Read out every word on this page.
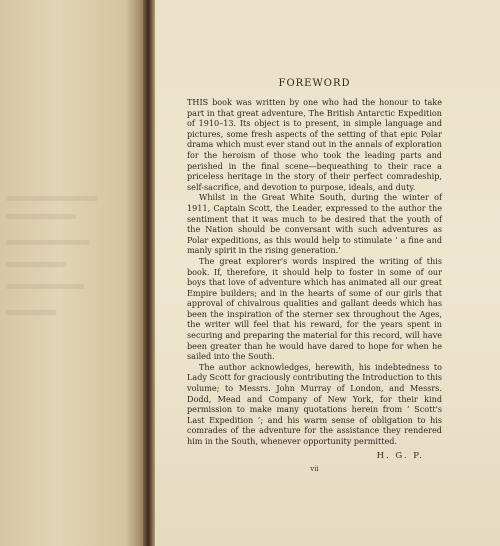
FOREWORD

THIS book was written by one who had the honour to take part in that great adventure, The British Antarctic Expedition of 1910–13. Its object is to present, in simple language and pictures, some fresh aspects of the setting of that epic Polar drama which must ever stand out in the annals of exploration for the heroism of those who took the leading parts and perished in the final scene—bequeathing to their race a priceless heritage in the story of their perfect comradeship, self-sacrifice, and devotion to purpose, ideals, and duty.

Whilst in the Great White South, during the winter of 1911, Captain Scott, the Leader, expressed to the author the sentiment that it was much to be desired that the youth of the Nation should be conversant with such adventures as Polar expeditions, as this would help to stimulate ‘ a fine and manly spirit in the rising generation.’

The great explorer's words inspired the writing of this book. If, therefore, it should help to foster in some of our boys that love of adventure which has animated all our great Empire builders; and in the hearts of some of our girls that approval of chivalrous qualities and gallant deeds which has been the inspiration of the sterner sex throughout the Ages, the writer will feel that his reward, for the years spent in securing and preparing the material for this record, will have been greater than he would have dared to hope for when he sailed into the South.

The author acknowledges, herewith, his indebtedness to Lady Scott for graciously contributing the Introduction to this volume; to Messrs. John Murray of London, and Messrs. Dodd, Mead and Company of New York, for their kind permission to make many quotations herein from ‘ Scott's Last Expedition ’; and his warm sense of obligation to his comrades of the adventure for the assistance they rendered him in the South, whenever opportunity permitted.

H. G. P.
vii
